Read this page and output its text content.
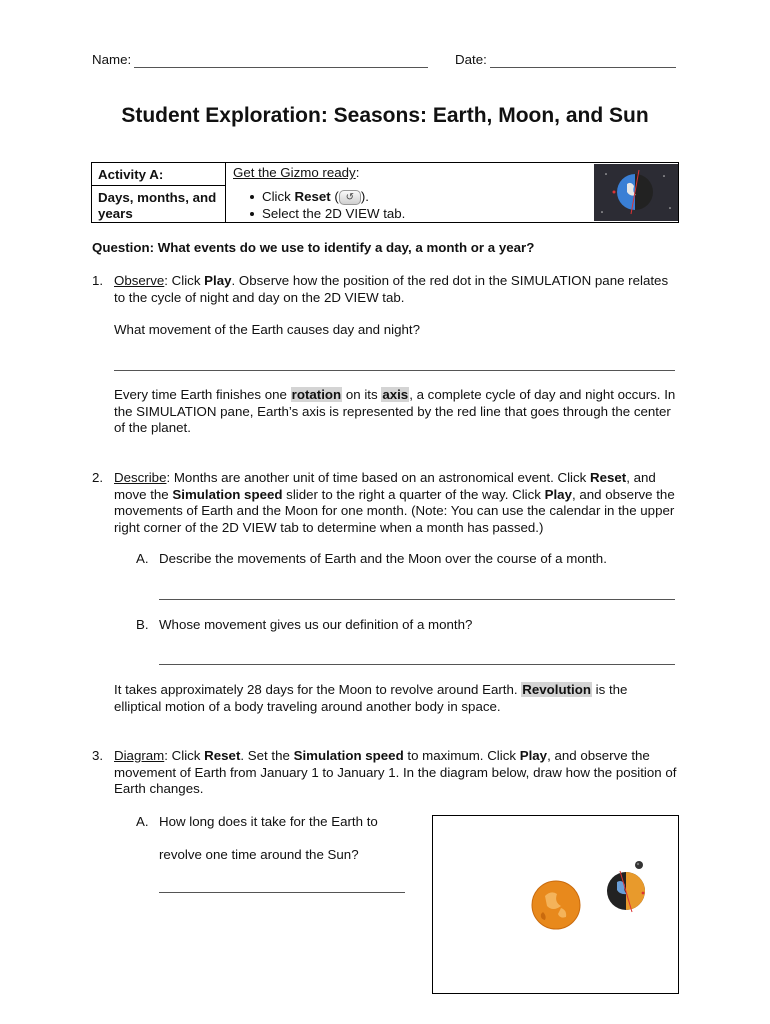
Name:	Date:
Student Exploration: Seasons: Earth, Moon, and Sun
Activity A:
Days, months, and years
Get the Gizmo ready:
Click Reset ( ↺ ).
Select the 2D VIEW tab.
Question: What events do we use to identify a day, a month or a year?
1. Observe: Click Play. Observe how the position of the red dot in the SIMULATION pane relates to the cycle of night and day on the 2D VIEW tab.
What movement of the Earth causes day and night?
Every time Earth finishes one rotation on its axis, a complete cycle of day and night occurs. In the SIMULATION pane, Earth’s axis is represented by the red line that goes through the center of the planet.
2. Describe: Months are another unit of time based on an astronomical event. Click Reset, and move the Simulation speed slider to the right a quarter of the way. Click Play, and observe the movements of Earth and the Moon for one month. (Note: You can use the calendar in the upper right corner of the 2D VIEW tab to determine when a month has passed.)
A. Describe the movements of Earth and the Moon over the course of a month.
B. Whose movement gives us our definition of a month?
It takes approximately 28 days for the Moon to revolve around Earth. Revolution is the elliptical motion of a body traveling around another body in space.
3. Diagram: Click Reset. Set the Simulation speed to maximum. Click Play, and observe the movement of Earth from January 1 to January 1. In the diagram below, draw how the position of Earth changes.
A. How long does it take for the Earth to
revolve one time around the Sun?
